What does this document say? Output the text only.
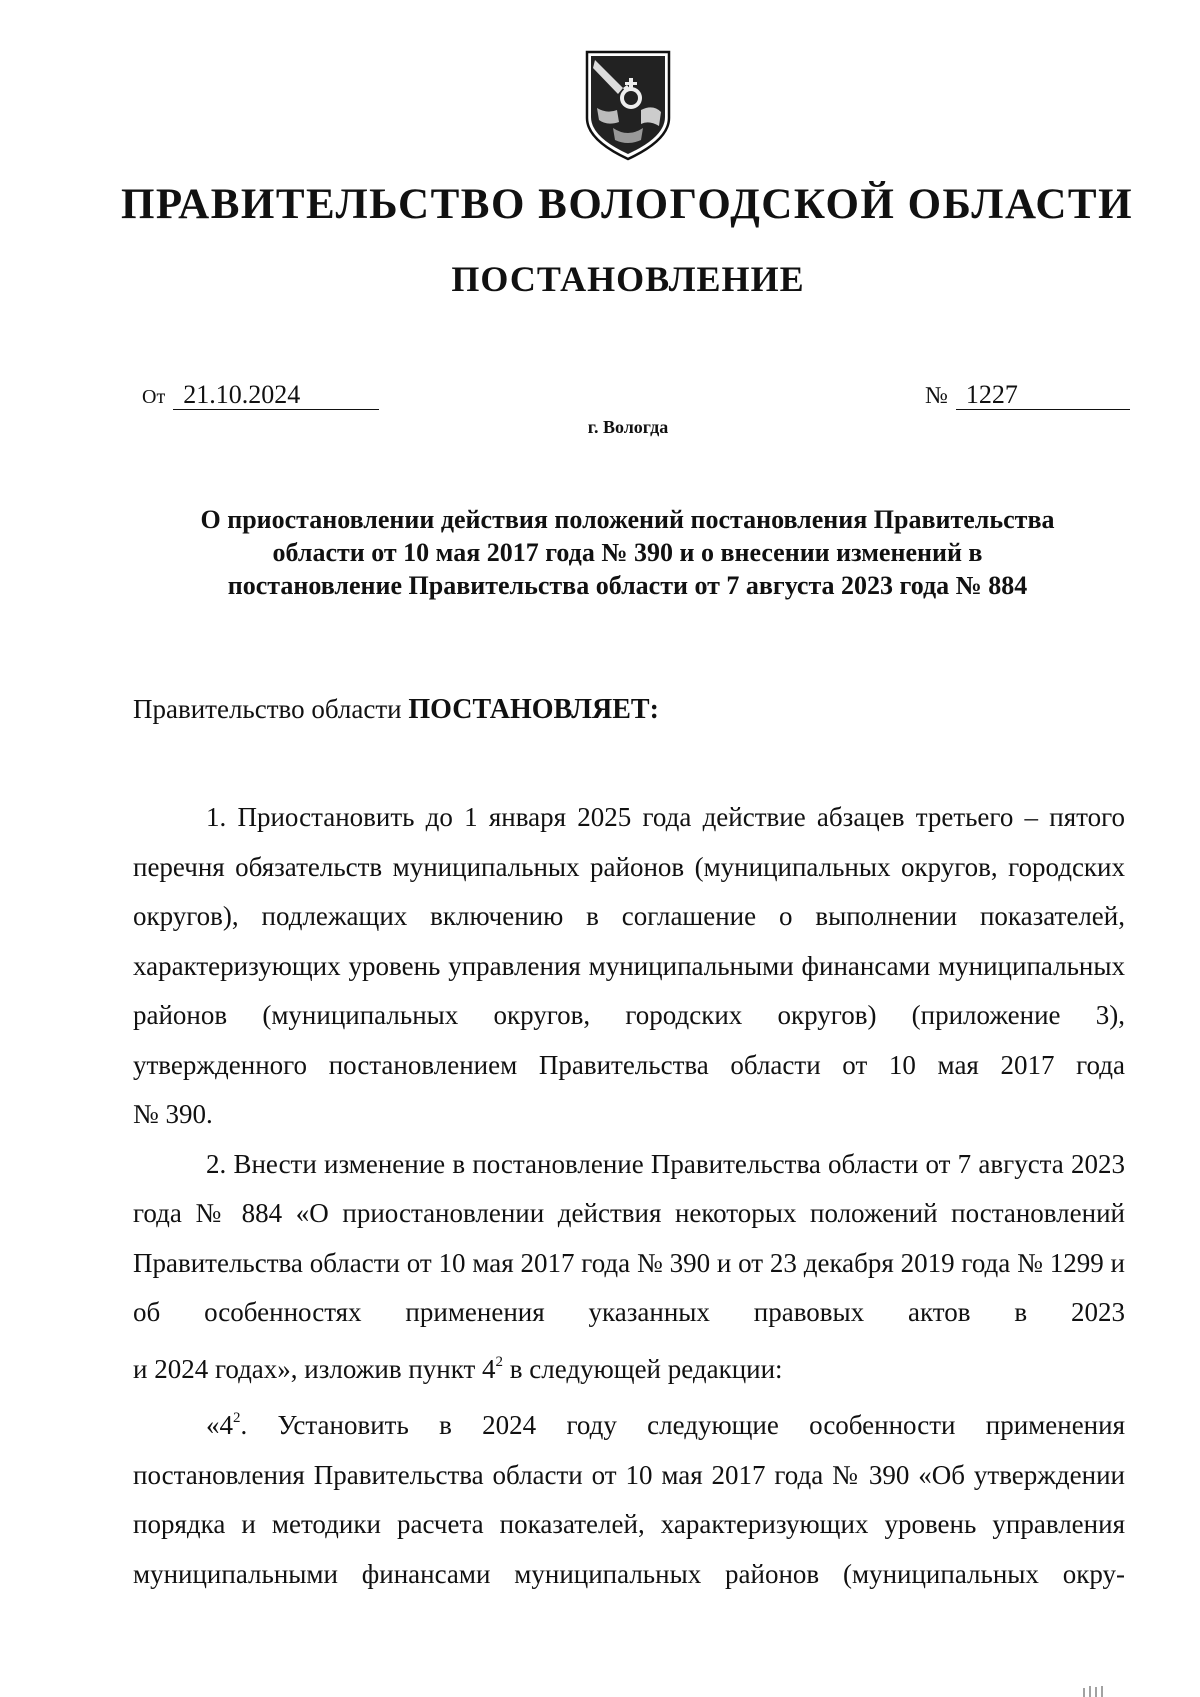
ПРАВИТЕЛЬСТВО ВОЛОГОДСКОЙ ОБЛАСТИ
ПОСТАНОВЛЕНИЕ
От 21.10.2024	№ 1227
г. Вологда
О приостановлении действия положений постановления Правительства
области от 10 мая 2017 года № 390 и о внесении изменений в
постановление Правительства области от 7 августа 2023 года № 884
Правительство области ПОСТАНОВЛЯЕТ:

1. Приостановить до 1 января 2025 года действие абзацев третьего – пятого перечня обязательств муниципальных районов (муниципальных округов, городских округов), подлежащих включению в соглашение о выполнении показателей, характеризующих уровень управления муниципальными финансами муниципальных районов (муниципальных округов, городских округов) (приложение 3), утвержденного постановлением Правительства области от 10 мая 2017 года

№ 390.

2. Внести изменение в постановление Правительства области от 7 августа 2023 года № 884 «О приостановлении действия некоторых положений постановлений Правительства области от 10 мая 2017 года № 390 и от 23 декабря 2019 года № 1299 и об особенностях применения указанных правовых актов в 2023

и 2024 годах», изложив пункт $4^2$ в следующей редакции:

«$4^2$. Установить в 2024 году следующие особенности применения постановления Правительства области от 10 мая 2017 года № 390 «Об утверждении порядка и методики расчета показателей, характеризующих уровень управления муниципальными финансами муниципальных районов (муниципальных окру-
